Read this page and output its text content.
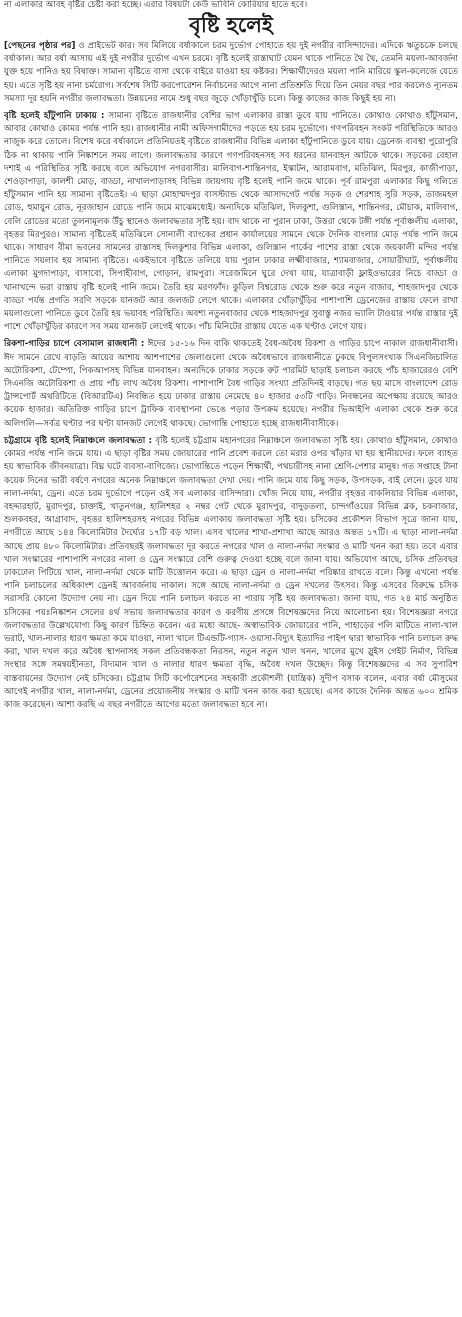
না এলাকার আবহ বৃষ্টির চেষ্টা করা হচ্ছে। এরার বিষয়টা কেউ ভাবিনি কোরিয়ার হাতে হবে।
বৃষ্টি হলেই

[পেছনের পৃষ্ঠার পর] ও প্রাইভেট কার। সব মিলিয়ে বর্ষাকালে চরম দুর্ভোগ পোহাতে হয় দুই নগরীর বাসিন্দাদের। এদিকে ঋতুচক্রে চলছে বর্ষাকাল। আর বর্ষা আসায় এই দুই নগরীর দুর্ভোগ এখন চরমে। বৃষ্টি হলেই রাস্তাঘাট যেমন থাকে পানিতে থৈ থৈ, তেমনি ময়লা-আবর্জনা যুক্ত হয়ে পানিও হয় বিষাক্ত। সামান্য বৃষ্টিতে বাসা থেকে বাইরে যাওয়া হয় কষ্টকর। শিক্ষার্থীদেরও ময়লা পানি মারিয়ে স্কুল-কলেজে যেতে হয়। এতে সৃষ্টি হয় নানা চর্মরোগ। সর্বশেষ সিটি করপোরেশন নির্বাচনের আগে নানা প্রতিশ্রুতি দিয়ে তিন মেয়র বছর পার করলেও ন্যূনতম সমস্যা দূর হয়নি নগরীর জলাবদ্ধতা। উন্নয়নের নামে শুধু বছর জুড়ে খোঁড়াখুঁড়ি চলে। কিন্তু কাজের কাজ কিছুই হয় না।

বৃষ্টি হলেই হাঁটুপানি ঢাকায় : সামান্য বৃষ্টিতে রাজধানীর বেশির ভাগ এলাকার রাস্তা ডুবে যায় পানিতে। কোথাও কোথাও হাঁটুসমান, আবার কোথাও কোমর পর্যন্ত পানি হয়। রাজধানীর নামী অফিসগামীদের পড়তে হয় চরম দুর্ভোগে। গণপরিবহন সংকট পরিস্থিতিকে আরও নাজুক করে তোলে। বিশেষ করে বর্ষাকালে প্রতিনিয়তই বৃষ্টিতে রাজধানীর বিভিন্ন এলাকা হাঁটুপানিতে ডুবে যায়। ড্রেনেজ ব্যবস্থা পুরোপুরি ঠিক না থাকায় পানি নিষ্কাশনে সময় লাগে। জলাবদ্ধতার কারণে গণপরিবহনসহ সব ধরনের যানবাহন আটকে থাকে। সড়কের বেহাল দশাই এ পরিস্থিতির সৃষ্টি করছে বলে অভিযোগ নগরবাসীর। মালিবাগ-শান্তিনগর, ইস্কাটন, আরামবাগ, মতিঝিল, মিরপুর, কাজীপাড়া, শেওড়াপাড়া, কালশী মোড়, বাড্ডা, নাখালপাড়াসহ বিভিন্ন জায়গায় বৃষ্টি হলেই পানি জমে থাকে। পূর্ব রামপুরা এলাকার কিছু গলিতে হাঁটুসমান পানি হয় সামান্য বৃষ্টিতেই। এ ছাড়া মোহাম্মদপুর বাসস্ট্যান্ড থেকে আসাদগেট পর্যন্ত সড়ক ও শেরশাহ সুরি সড়ক, তাজমহল রোড, হুমায়ুন রোড, নূরজাহান রোডে পানি জমে মাঝেমধ্যেই। অন্যদিকে মতিঝিল, দিলকুশা, গুলিস্তান, শান্তিনগর, মৌচাক, মালিবাগ, বেলি রোডের মতো তুলনামূলক উঁচু স্থানেও জলাবদ্ধতার সৃষ্টি হয়। বাদ থাকে না পুরান ঢাকা, উত্তরা থেকে টঙ্গী পর্যন্ত পূর্বাঞ্চলীয় এলাকা, বৃহত্তর মিরপুরও। সামান্য বৃষ্টিতেই মতিঝিলে সোনালী ব্যাংকের প্রধান কার্যালয়ের সামনে থেকে দৈনিক বাংলার মোড় পর্যন্ত পানি জমে থাকে। সাধারণ বীমা ভবনের সামনের রাস্তাসহ দিলকুশার বিভিন্ন এলাকা, গুলিস্তান পার্কের পাশের রাস্তা থেকে জয়কালী মন্দির পর্যন্ত পানিতে সয়লাব হয় সামান্য বৃষ্টিতে। একইভাবে বৃষ্টিতে তলিয়ে যায় পুরান ঢাকার লক্ষ্মীবাজার, শ্যামবাজার, সোয়ারীঘাট, পূর্বাঞ্চলীয় এলাকা মুগদাপাড়া, বাসাবো, সিপাহীবাগ, গোড়ান, রামপুরা। সরেজমিনে ঘুরে দেখা যায়, যাত্রাবাড়ী ফ্লাইওভারের নিচে বাড্ডা ও খানাখন্দে ভরা রাস্তায় বৃষ্টি হলেই পানি জমে। তৈরি হয় মরণফাঁদ। কুড়িল বিশ্বরোড থেকে শুরু করে নতুন বাজার, শাহজাদপুর থেকে বাড্ডা পর্যন্ত প্রগতি সরণি সড়কে যানজট আর জলজট লেগে থাকে। এলাকার খোঁড়াখুঁড়ির পাশাপাশি ড্রেনেজের রাস্তায় ফেলে রাখা ময়লাগুলো পানিতে ডুবে তৈরি হয় ভয়াবহ পরিস্থিতি। অবশ্য নতুনবাজার থেকে শাহজাদপুর সুবাস্তু নজর ভ্যালি টাওয়ার পর্যন্ত রাস্তার দুই পাশে খোঁড়াখুঁড়ির কারণে সব সময় যানজট লেগেই থাকে। পাঁচ মিনিটের রাস্তায় যেতে এক ঘণ্টাও লেগে যায়।

রিকশা-গাড়ির চাপে বেসামাল রাজধানী : ঈদের ১৫-১৬ দিন বাকি থাকতেই বৈধ-অবৈধ রিকশা ও গাড়ির চাপে নাকাল রাজধানীবাসী। ঈদ সামনে রেখে বাড়তি আয়ের আশায় আশপাশের জেলাগুলো থেকে অবৈধভাবে রাজধানীতে ঢুকছে বিপুলসংখ্যক সিএনজিচালিত অটোরিকশা, টেম্পো, পিকআপসহ বিভিন্ন যানবাহন। অন্যদিকে ঢাকার সড়কে রুট পারমিট ছাড়াই চলাচল করছে পাঁচ হাজারেরও বেশি সিএনজি অটোরিকশা ও প্রায় পাঁচ লাখ অবৈধ রিকশা। পাশাপাশি বৈধ গাড়ির সংখ্যা প্রতিদিনই বাড়ছে। গত ছয় মাসে বাংলাদেশ রোড ট্রান্সপোর্ট অথরিটিতে (বিআরটিএ) নিবন্ধিত হয়ে ঢাকার রাস্তায় নেমেছে ৪০ হাজার ৫৩টি গাড়ি। নিবন্ধনের অপেক্ষায় রয়েছে আরও কয়েক হাজার। অতিরিক্ত গাড়ির চাপে ট্রাফিক ব্যবস্থাপনা ভেঙে পড়ার উপক্রম হয়েছে। নগরীর ভিআইপি এলাকা থেকে শুরু করে অলিগলি—সর্বত্র ঘণ্টার পর ঘণ্টা যানজট লেগেই থাকছে। ভোগান্তি পোহাতে হচ্ছে রাজধানীবাসীকে।

চট্টগ্রামে বৃষ্টি হলেই নিম্নাঞ্চলে জলাবদ্ধতা : বৃষ্টি হলেই চট্টগ্রাম মহানগরের নিম্নাঞ্চলে জলাবদ্ধতা সৃষ্টি হয়। কোথাও হাঁটুসমান, কোথাও কোমর পর্যন্ত পানি জমে যায়। এ ছাড়া বৃষ্টির সময় জোয়ারের পানি প্রবেশ করলে তো মরার ওপর খাঁড়ার ঘা হয় স্থানীয়দের। ফলে ব্যাহত হয় স্বাভাবিক জীবনযাত্রা। বিঘ্ন ঘটে ব্যবসা-বাণিজ্যে। ভোগান্তিতে পড়েন শিক্ষার্থী, পথচারীসহ নানা শ্রেণি-পেশার মানুষ। গত সপ্তাহে টানা কয়েক দিনের ভারী বর্ষণে নগরের অনেক নিম্নাঞ্চলে জলাবদ্ধতা দেখা দেয়। পানি জমে যায় কিছু সড়ক, উপসড়ক, বাই লেনে। ডুবে যায় নালা-নর্দমা, ড্রেন। এতে চরম দুর্ভোগে পড়েন ওই সব এলাকার বাসিন্দারা। খোঁজ নিয়ে যায়, নগরীর বৃহত্তর বাকলিয়ার বিভিন্ন এলাকা, বহদ্দারহাট, মুরাদপুর, চাক্তাই, খাতুনগঞ্জ, হালিশহর ২ নম্বর গেট থেকে মুরাদপুর, বাদুড়তলা, চান্দগাঁওয়ের বিভিন্ন ব্লক, চকবাজার, শুলকবহর, আগ্রাবাদ, বৃহত্তর হালিশহরসহ নগরের বিভিন্ন এলাকায় জলাবদ্ধতা সৃষ্টি হয়। চসিকের প্রকৌশল বিভাগ সূত্রে জানা যায়, নগরীতে আছে ১৪৪ কিলোমিটার দৈর্ঘ্যের ১৭টি বড় খাল। এসব খালের শাখা-প্রশাখা আছে আরও অন্তত ১৭টি। এ ছাড়া নালা-নর্দমা আছে প্রায় ৪৮০ কিলোমিটার। প্রতিবছরই জলাবদ্ধতা দূর করতে নগরের খাল ও নালা-নর্দমা সংস্কার ও মাটি খনন করা হয়। তবে এবার খাল সংস্কারের পাশাপাশি নগরের নালা ও ড্রেন সংস্কারে বেশি গুরুত্ব দেওয়া হচ্ছে বলে জানা যায়। অভিযোগ আছে, চসিক প্রতিবছর ঢাকঢোল পিটিয়ে খাল, নালা-নর্দমা থেকে মাটি উত্তোলন করে। এ ছাড়া ড্রেন ও নালা-নর্দমা পরিষ্কার রাখতে বলে। কিন্তু এখনো পর্যন্ত পানি চলাচলের অধিকাংশ ড্রেনই আবর্জনায় নাকাল। সঙ্গে আছে নালা-নর্দমা ও ড্রেন দখলের উৎসব। কিন্তু এসবের বিরুদ্ধে চসিক সরাসরি কোনো উদ্যোগ নেয় না। ড্রেন দিয়ে পানি চলাচল করতে না পারায় সৃষ্টি হয় জলাবদ্ধতা। জানা যায়, গত ২৪ মার্চ অনুষ্ঠিত চসিকের পয়ঃনিষ্কাশন সেলের ৪র্থ সভায় জলাবদ্ধতার কারণ ও করণীয় প্রসঙ্গে বিশেষজ্ঞদের নিয়ে আলোচনা হয়। বিশেষজ্ঞরা নগরে জলাবদ্ধতার উল্লেখযোগ্য কিছু কারণ চিহ্নিত করেন। এর মধ্যে আছে- অস্বাভাবিক জোয়ারের পানি, পাহাড়ের পলি মাটিতে নালা-খাল ভরাট, খাল-নালার ধারণ ক্ষমতা কমে যাওয়া, নালা খালে টিএন্ডটি-গ্যাস- ওয়াসা-বিদ্যুৎ ইত্যাদির পাইপ দ্বারা স্বাভাবিক পানি চলাচল রুদ্ধ করা, খাল দখল করে অবৈধ স্থাপনাসহ সকল প্রতিবন্ধকতা নিরসন, নতুন নতুন খাল খনন, খালের মুখে স্লুইস গেইট নির্মাণ, বিভিন্ন সংস্থার সঙ্গে সমন্বয়হীনতা, বিদ্যমান খাল ও নালার ধারণ ক্ষমতা বৃদ্ধি, অবৈধ দখল উচ্ছেদ। কিন্তু বিশেষজ্ঞদের এ সব সুপারিশ বাস্তবায়নের উদ্যোগ নেই চসিকের। চট্টগ্রাম সিটি কর্পোরেশনের সহকারী প্রকৌশলী (যান্ত্রিক) সুদীপ বসাক বলেন, এবার বর্ষা মৌসুমের আগেই নগরীর খাল, নালা-নর্দমা, ড্রেনের প্রয়োজনীয় সংস্কার ও মাটি খনন কাজ করা হয়েছে। এসব কাজে দৈনিক অন্তত ৬০০ শ্রমিক কাজ করেছেন। আশা করছি এ বছর নগরীতে আগের মতো জলাবদ্ধতা হবে না।
